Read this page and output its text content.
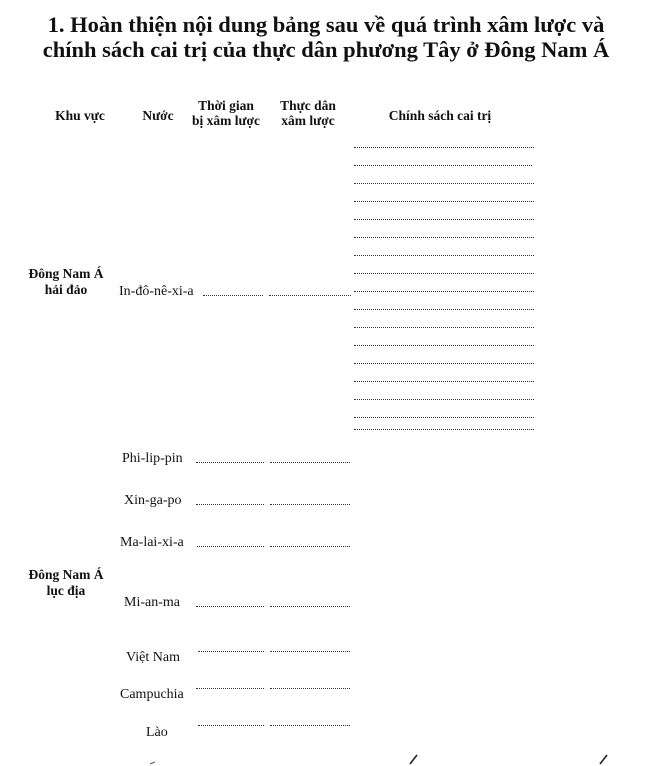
1. Hoàn thiện nội dung bảng sau về quá trình xâm lược và
chính sách cai trị của thực dân phương Tây ở Đông Nam Á
Khu vực	Nước
Thời gian
bị xâm lược
Thực dân
xâm lược	Chính sách cai trị
Đông Nam Á
hải đảo
Đông Nam Á
lục địa
In-đô-nê-xi-a
Phi-lip-pin
Xin-ga-po
Ma-lai-xi-a
Mi-an-ma
Việt Nam
Campuchia
Lào
